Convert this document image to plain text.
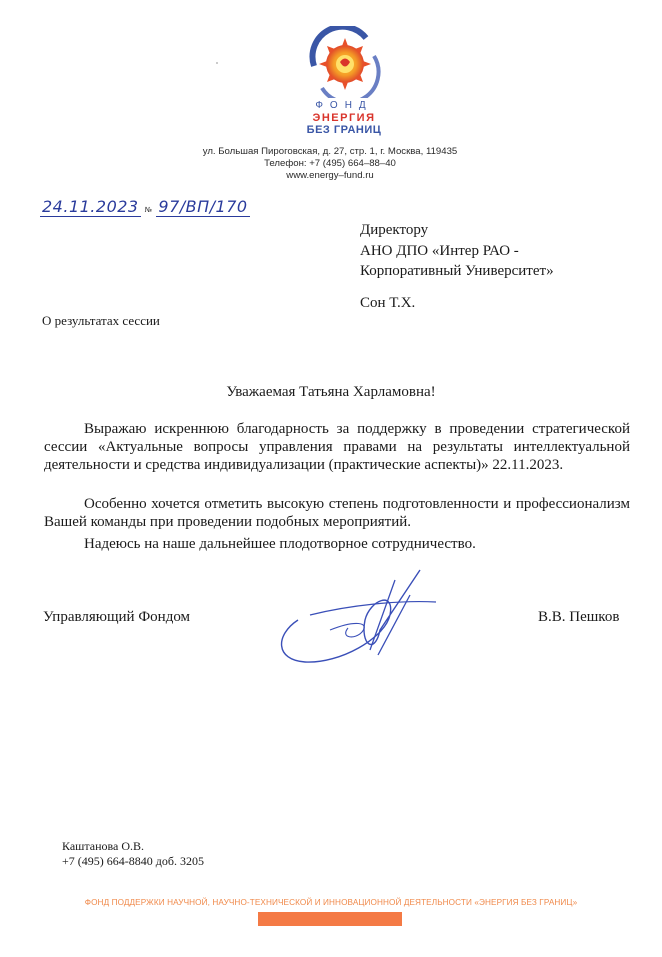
ФОНД
ЭНЕРГИЯ
БЕЗ ГРАНИЦ
ул. Большая Пироговская, д. 27, стр. 1, г. Москва, 119435
Телефон: +7 (495) 664–88–40
www.energy–fund.ru
24.11.2023 № 97/ВП/170
Директору
АНО ДПО «Интер РАО -
Корпоративный Университет»
Сон Т.Х.
О результатах сессии
Уважаемая Татьяна Харламовна!
Выражаю искреннюю благодарность за поддержку в проведении стратегической сессии «Актуальные вопросы управления правами на результаты интеллектуальной деятельности и средства индивидуализации (практические аспекты)» 22.11.2023.
Особенно хочется отметить высокую степень подготовленности и профессионализм Вашей команды при проведении подобных мероприятий.
Надеюсь на наше дальнейшее плодотворное сотрудничество.
Управляющий Фондом	В.В. Пешков
Каштанова О.В.
+7 (495) 664-8840 доб. 3205
ФОНД ПОДДЕРЖКИ НАУЧНОЙ, НАУЧНО-ТЕХНИЧЕСКОЙ И ИННОВАЦИОННОЙ ДЕЯТЕЛЬНОСТИ «ЭНЕРГИЯ БЕЗ ГРАНИЦ»
